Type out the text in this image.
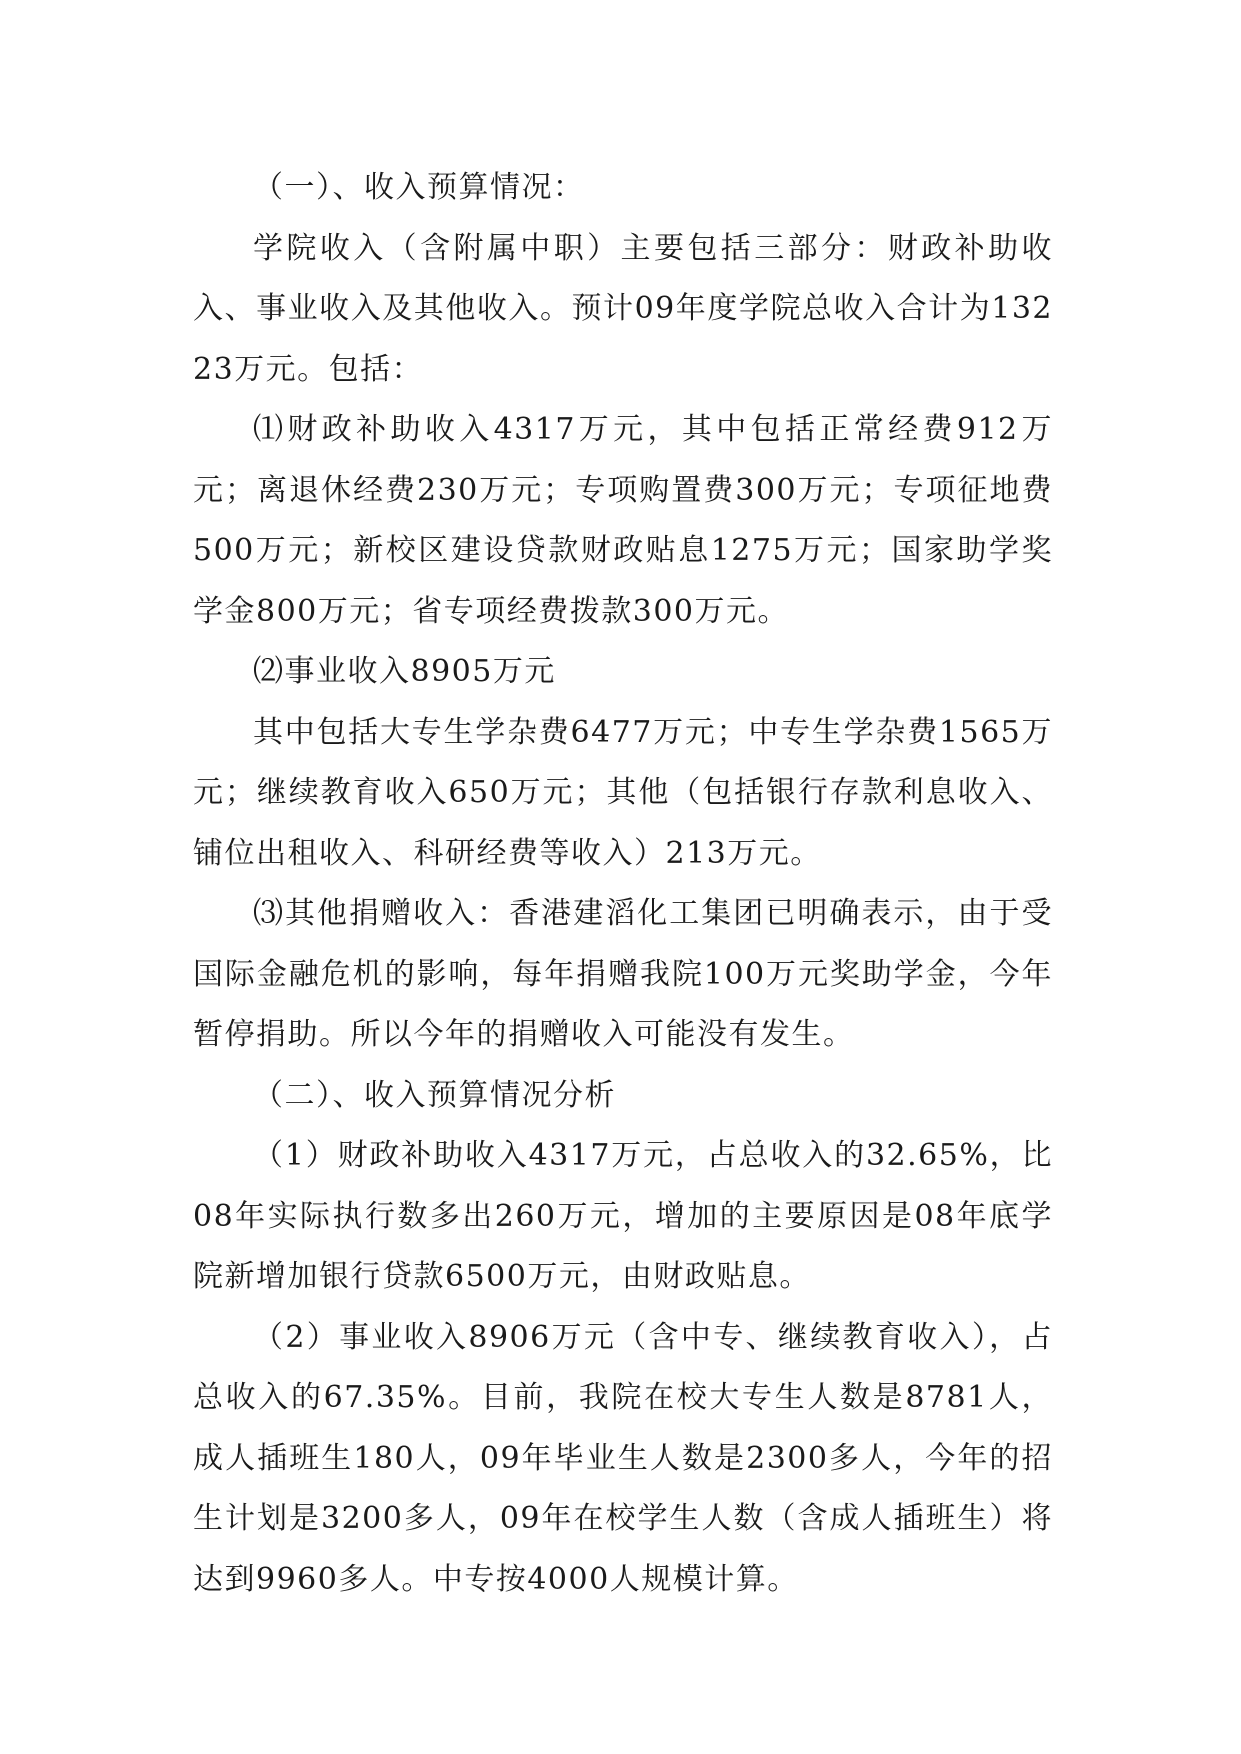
（一）、收入预算情况：

学院收入（含附属中职）主要包括三部分：财政补助收入、事业收入及其他收入。预计09年度学院总收入合计为13223万元。包括：

⑴财政补助收入4317万元，其中包括正常经费912万元；离退休经费230万元；专项购置费300万元；专项征地费500万元；新校区建设贷款财政贴息1275万元；国家助学奖学金800万元；省专项经费拨款300万元。

⑵事业收入8905万元

其中包括大专生学杂费6477万元；中专生学杂费1565万元；继续教育收入650万元；其他（包括银行存款利息收入、铺位出租收入、科研经费等收入）213万元。

⑶其他捐赠收入：香港建滔化工集团已明确表示，由于受国际金融危机的影响，每年捐赠我院100万元奖助学金，今年暂停捐助。所以今年的捐赠收入可能没有发生。

（二）、收入预算情况分析

（1）财政补助收入4317万元，占总收入的32.65%，比08年实际执行数多出260万元，增加的主要原因是08年底学院新增加银行贷款6500万元，由财政贴息。

（2）事业收入8906万元（含中专、继续教育收入），占总收入的67.35%。目前，我院在校大专生人数是8781人，成人插班生180人，09年毕业生人数是2300多人，今年的招生计划是3200多人，09年在校学生人数（含成人插班生）将达到9960多人。中专按4000人规模计算。
